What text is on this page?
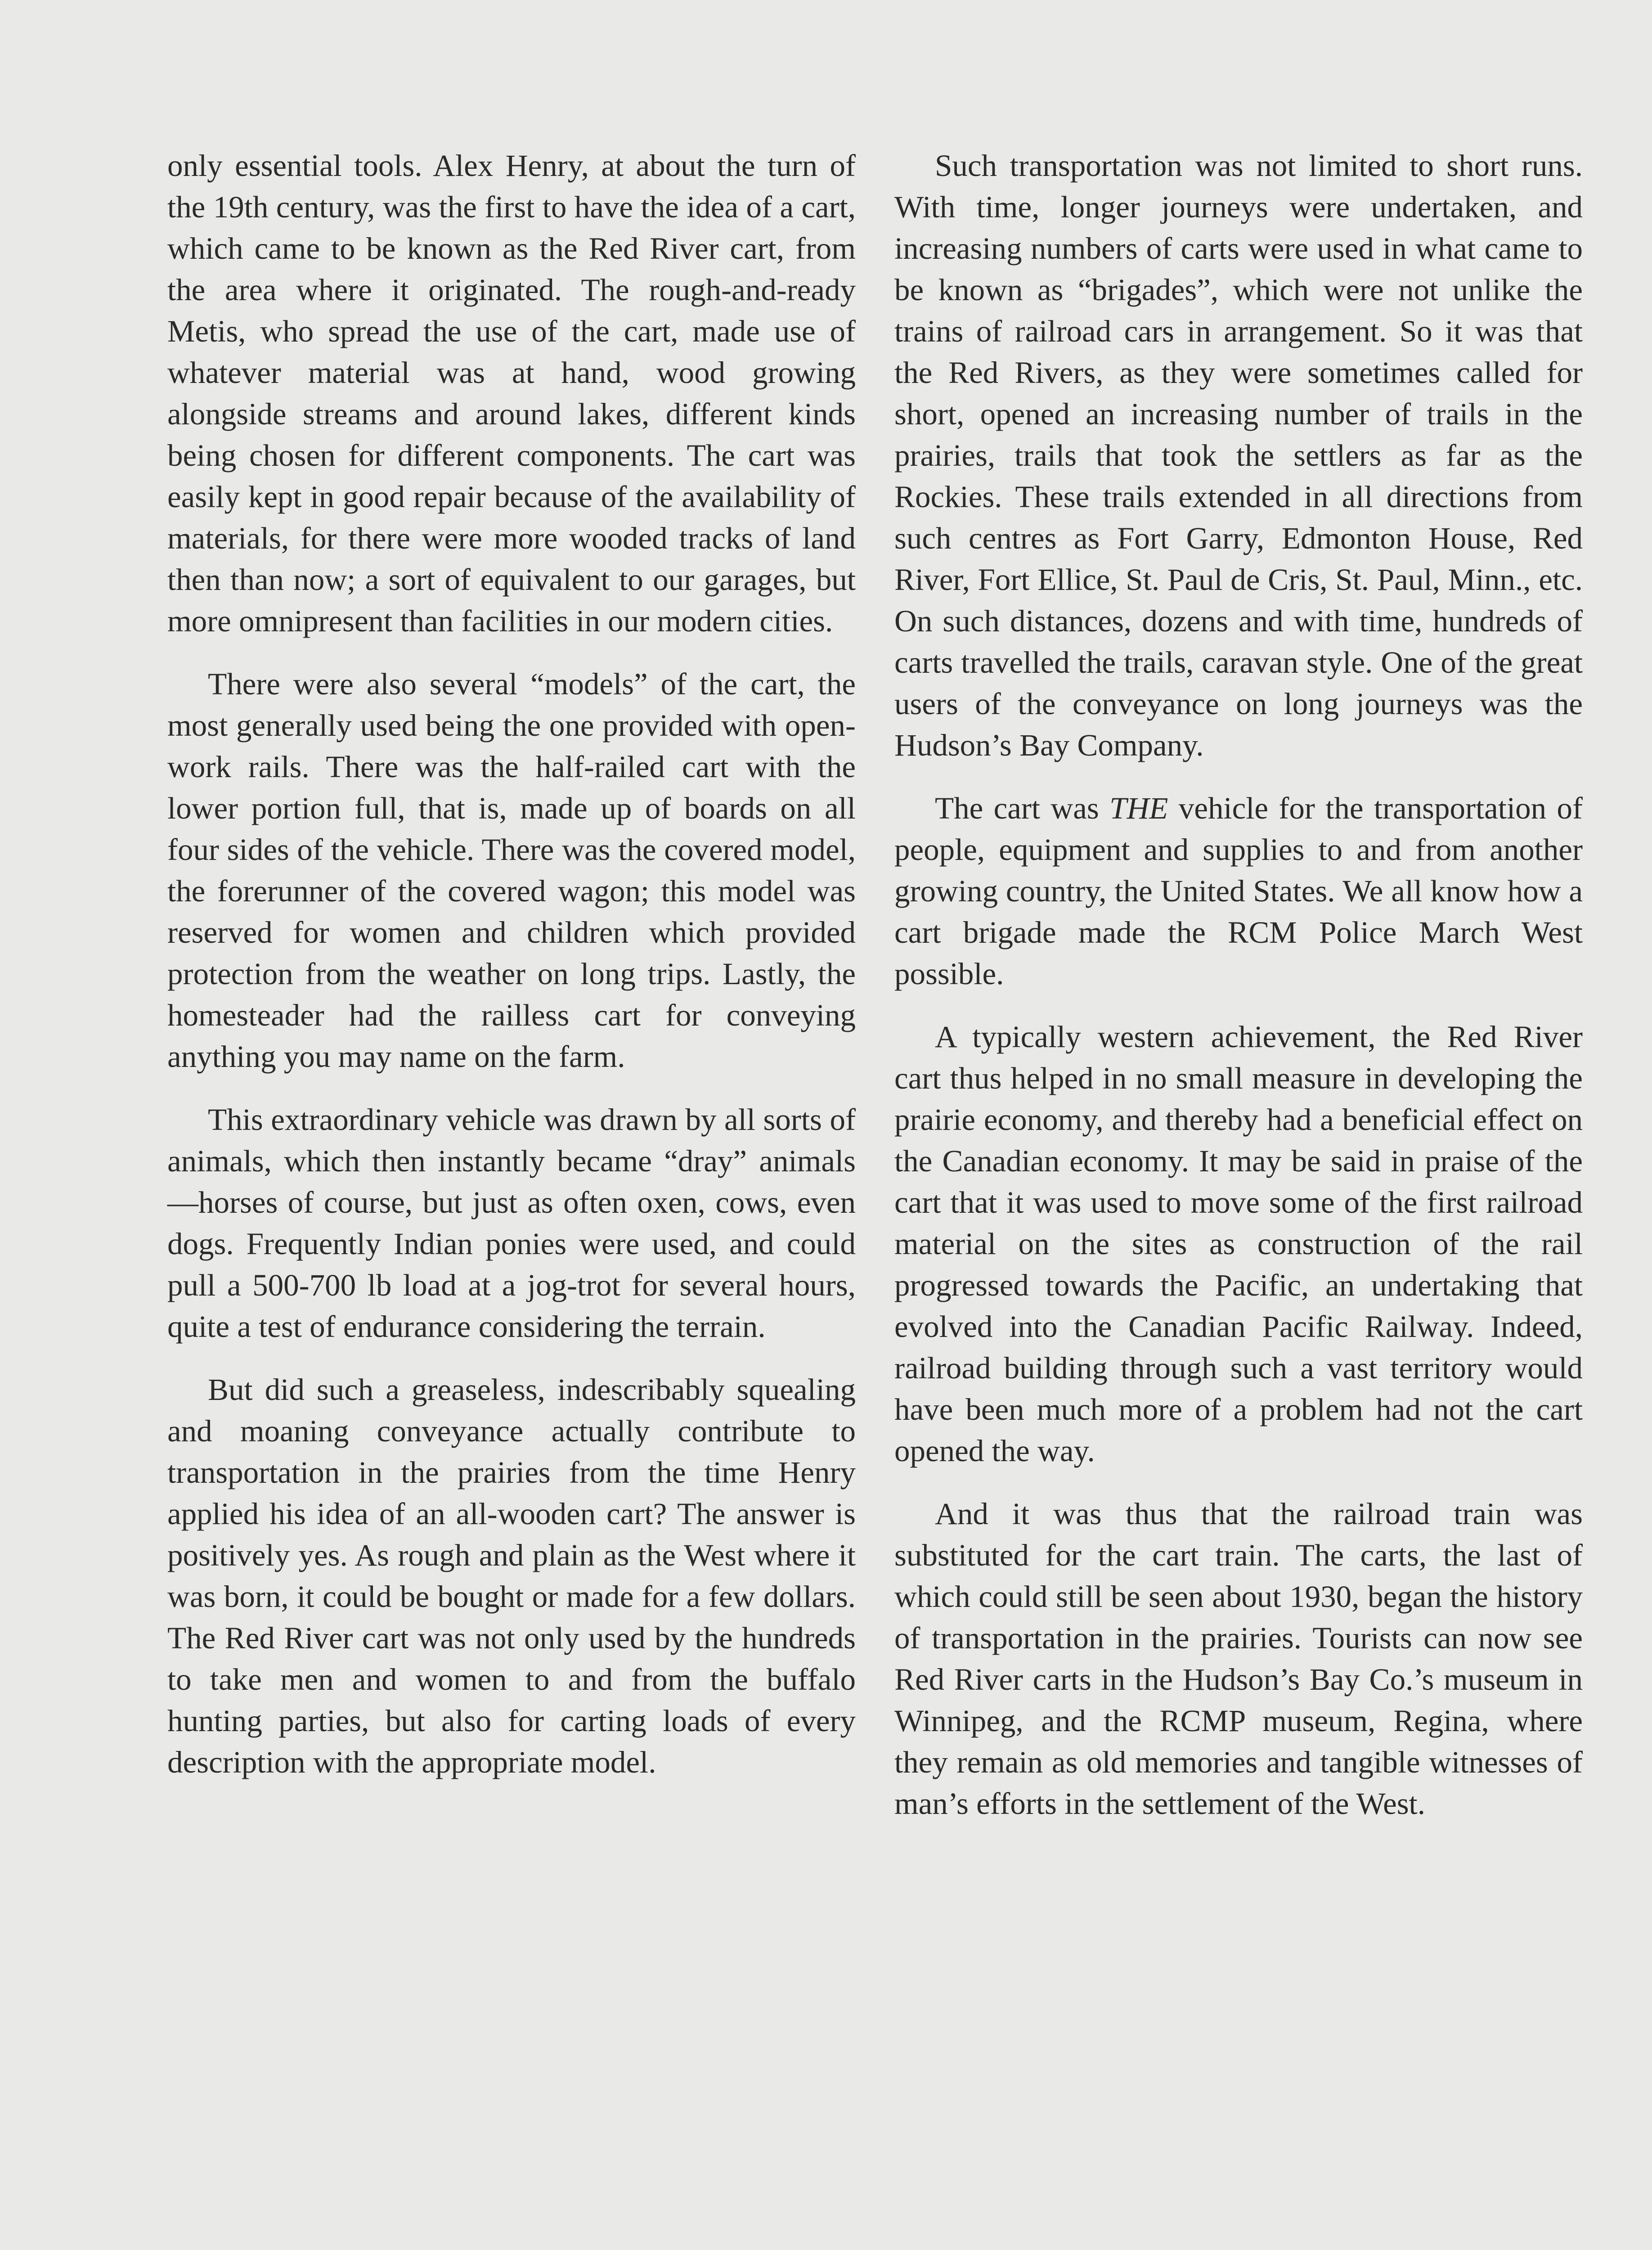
only essential tools. Alex Henry, at about the turn of the 19th century, was the first to have the idea of a cart, which came to be known as the Red River cart, from the area where it originated. The rough-and-ready Metis, who spread the use of the cart, made use of whatever material was at hand, wood growing alongside streams and around lakes, different kinds being chosen for different components. The cart was easily kept in good repair because of the availability of materials, for there were more wooded tracks of land then than now; a sort of equivalent to our garages, but more omnipresent than facilities in our modern cities.

There were also several “models” of the cart, the most generally used being the one provided with open-work rails. There was the half-railed cart with the lower portion full, that is, made up of boards on all four sides of the vehicle. There was the covered model, the forerunner of the covered wagon; this model was reserved for women and children which provided protection from the weather on long trips. Lastly, the homesteader had the railless cart for conveying anything you may name on the farm.

This extraordinary vehicle was drawn by all sorts of animals, which then instantly became “dray” animals—horses of course, but just as often oxen, cows, even dogs. Frequently Indian ponies were used, and could pull a 500-700 lb load at a jog-trot for several hours, quite a test of endurance considering the terrain.

But did such a greaseless, indescribably squealing and moaning conveyance actually contribute to transportation in the prairies from the time Henry applied his idea of an all-wooden cart? The answer is positively yes. As rough and plain as the West where it was born, it could be bought or made for a few dollars. The Red River cart was not only used by the hundreds to take men and women to and from the buffalo hunting parties, but also for carting loads of every description with the appropriate model.

Such transportation was not limited to short runs. With time, longer journeys were undertaken, and increasing numbers of carts were used in what came to be known as “brigades”, which were not unlike the trains of railroad cars in arrangement. So it was that the Red Rivers, as they were sometimes called for short, opened an increasing number of trails in the prairies, trails that took the settlers as far as the Rockies. These trails extended in all directions from such centres as Fort Garry, Edmonton House, Red River, Fort Ellice, St. Paul de Cris, St. Paul, Minn., etc. On such distances, dozens and with time, hundreds of carts travelled the trails, caravan style. One of the great users of the conveyance on long journeys was the Hudson’s Bay Company.

The cart was THE vehicle for the transportation of people, equipment and supplies to and from another growing country, the United States. We all know how a cart brigade made the RCM Police March West possible.

A typically western achievement, the Red River cart thus helped in no small measure in developing the prairie economy, and thereby had a beneficial effect on the Canadian economy. It may be said in praise of the cart that it was used to move some of the first railroad material on the sites as construction of the rail progressed towards the Pacific, an undertaking that evolved into the Canadian Pacific Railway. Indeed, railroad building through such a vast territory would have been much more of a problem had not the cart opened the way.

And it was thus that the railroad train was substituted for the cart train. The carts, the last of which could still be seen about 1930, began the history of transportation in the prairies. Tourists can now see Red River carts in the Hudson’s Bay Co.’s museum in Winnipeg, and the RCMP museum, Regina, where they remain as old memories and tangible witnesses of man’s efforts in the settlement of the West.
